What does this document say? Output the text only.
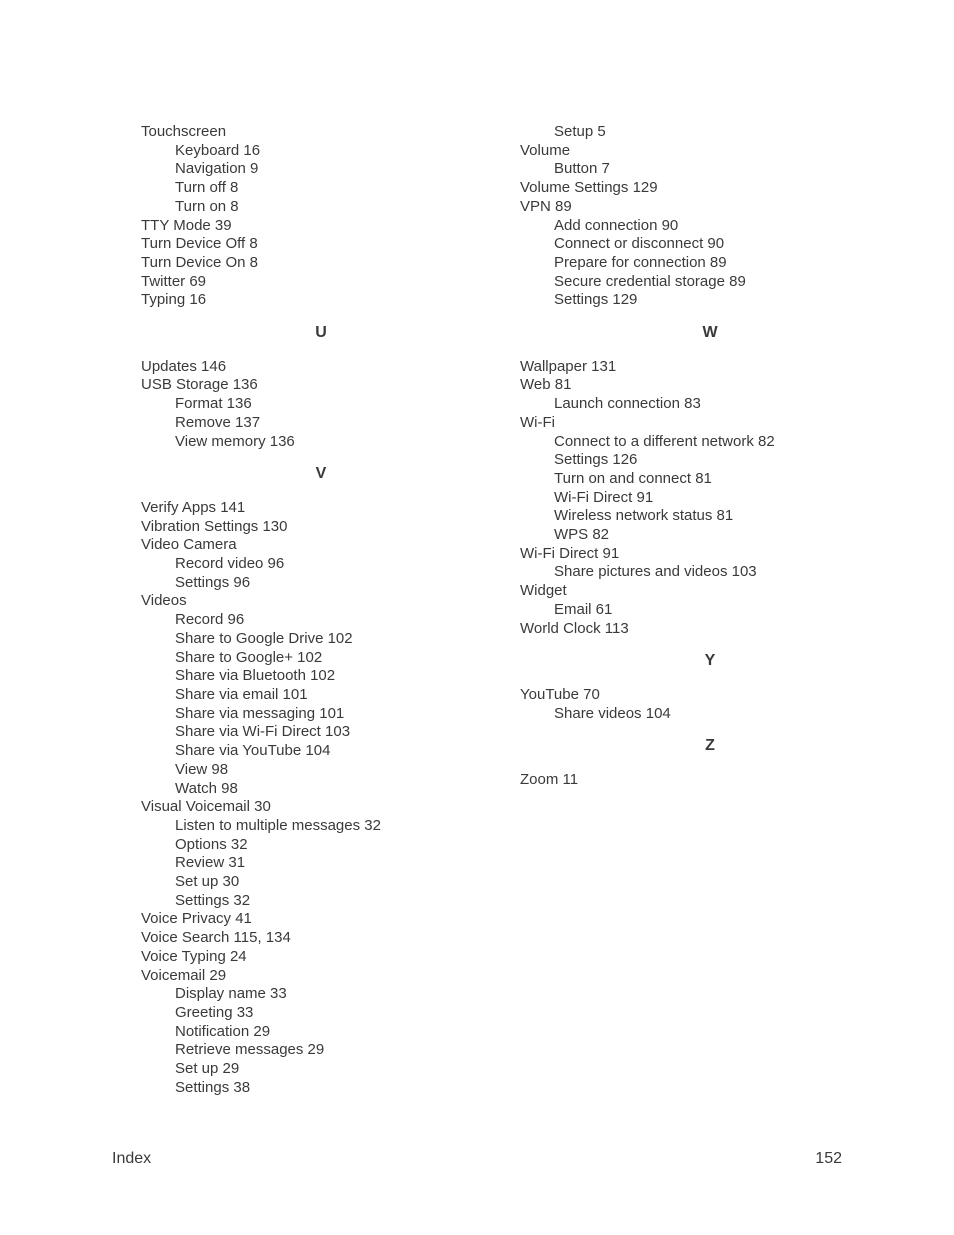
Touchscreen
Keyboard 16
Navigation 9
Turn off 8
Turn on 8
TTY Mode 39
Turn Device Off 8
Turn Device On 8
Twitter 69
Typing 16
U
Updates 146
USB Storage 136
Format 136
Remove 137
View memory 136
V
Verify Apps 141
Vibration Settings 130
Video Camera
Record video 96
Settings 96
Videos
Record 96
Share to Google Drive 102
Share to Google+ 102
Share via Bluetooth 102
Share via email 101
Share via messaging 101
Share via Wi-Fi Direct 103
Share via YouTube 104
View 98
Watch 98
Visual Voicemail 30
Listen to multiple messages 32
Options 32
Review 31
Set up 30
Settings 32
Voice Privacy 41
Voice Search 115, 134
Voice Typing 24
Voicemail 29
Display name 33
Greeting 33
Notification 29
Retrieve messages 29
Set up 29
Settings 38
Setup 5
Volume
Button 7
Volume Settings 129
VPN 89
Add connection 90
Connect or disconnect 90
Prepare for connection 89
Secure credential storage 89
Settings 129
W
Wallpaper 131
Web 81
Launch connection 83
Wi-Fi
Connect to a different network 82
Settings 126
Turn on and connect 81
Wi-Fi Direct 91
Wireless network status 81
WPS 82
Wi-Fi Direct 91
Share pictures and videos 103
Widget
Email 61
World Clock 113
Y
YouTube 70
Share videos 104
Z
Zoom 11
Index	152
